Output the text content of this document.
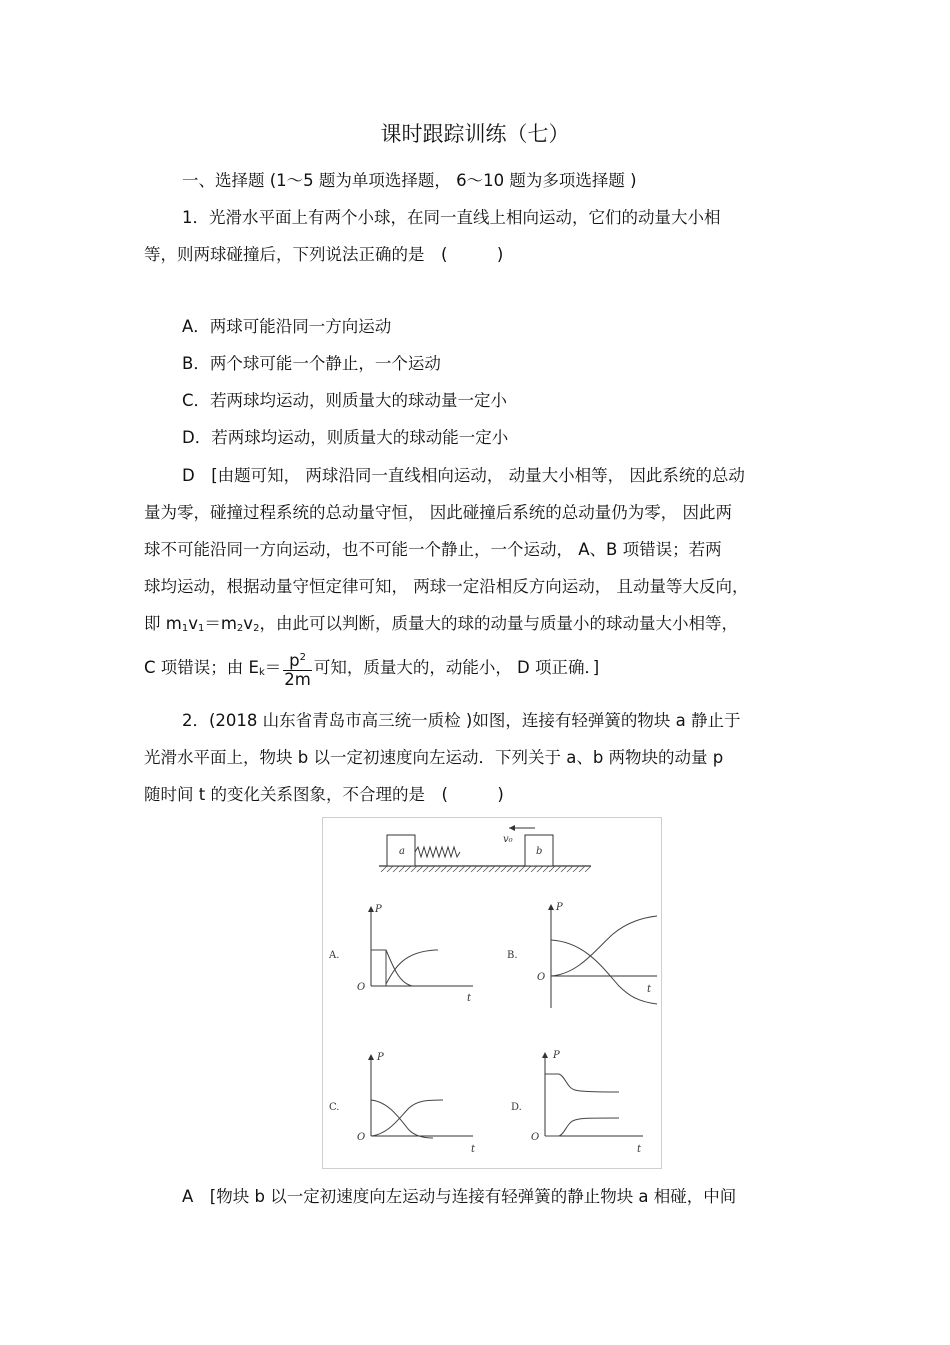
课时跟踪训练（七）
一、选择题 (1～5 题为单项选择题， 6～10 题为多项选择题 )
1．光滑水平面上有两个小球，在同一直线上相向运动，它们的动量大小相
等，则两球碰撞后，下列说法正确的是　(　　　)
A．两球可能沿同一方向运动
B．两个球可能一个静止，一个运动
C．若两球均运动，则质量大的球动量一定小
D．若两球均运动，则质量大的球动能一定小
D　[由题可知， 两球沿同一直线相向运动， 动量大小相等， 因此系统的总动
量为零，碰撞过程系统的总动量守恒， 因此碰撞后系统的总动量仍为零， 因此两
球不可能沿同一方向运动，也不可能一个静止，一个运动， A、B 项错误；若两
球均运动，根据动量守恒定律可知， 两球一定沿相反方向运动， 且动量等大反向，
即 $m_1v_1=m_2v_2$，由此可以判断，质量大的球的动量与质量小的球动量大小相等，
C 项错误；由 $E_k= \frac{p^2}{2m}$ 可知，质量大的，动能小， D 项正确．]
2．(2018 山东省青岛市高三统一质检 )如图，连接有轻弹簧的物块 a 静止于
光滑水平面上，物块 b 以一定初速度向左运动．下列关于 a、b 两物块的动量 p
随时间 t 的变化关系图象，不合理的是　(　　　)
a	b
v₀
A.
P
t
O
B.
P
t
O
C.
P
t
O
D.
P
t
O
A　[物块 b 以一定初速度向左运动与连接有轻弹簧的静止物块 a 相碰，中间
